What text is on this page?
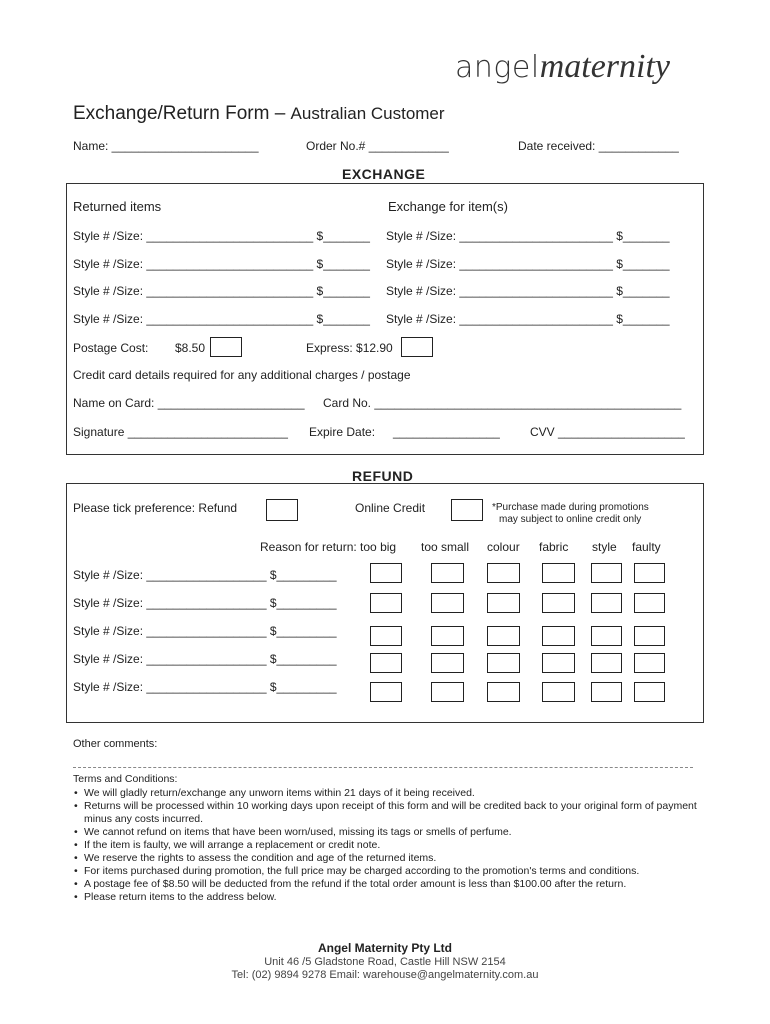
angelmaternity
Exchange/Return Form – Australian Customer
Name: ______________________	Order No.# ____________	Date received: ____________
EXCHANGE
Returned items	Exchange for item(s)
Style # /Size: _________________________ $_______ Style # /Size: _______________________ $_______
Style # /Size: _________________________ $_______ Style # /Size: _______________________ $_______
Style # /Size: _________________________ $_______ Style # /Size: _______________________ $_______
Style # /Size: _________________________ $_______ Style # /Size: _______________________ $_______
Postage Cost: $8.50	Express: $12.90
Credit card details required for any additional charges / postage
Name on Card: ______________________ Card No. ______________________________________________
Signature ________________________ Expire Date: ________________	CVV ___________________
REFUND
Please tick preference: Refund	Online Credit	*Purchase made during promotions
may subject to online credit only
Reason for return: too big too small colour fabric style faulty
Style # /Size: __________________ $_________
Style # /Size: __________________ $_________
Style # /Size: __________________ $_________
Style # /Size: __________________ $_________
Style # /Size: __________________ $_________
Other comments:
Terms and Conditions:
• We will gladly return/exchange any unworn items within 21 days of it being received.
• Returns will be processed within 10 working days upon receipt of this form and will be credited back to your original form of payment minus any costs incurred.
• We cannot refund on items that have been worn/used, missing its tags or smells of perfume.
• If the item is faulty, we will arrange a replacement or credit note.
• We reserve the rights to assess the condition and age of the returned items.
• For items purchased during promotion, the full price may be charged according to the promotion's terms and conditions.
• A postage fee of $8.50 will be deducted from the refund if the total order amount is less than $100.00 after the return.
• Please return items to the address below.
Angel Maternity Pty Ltd
Unit 46 /5 Gladstone Road, Castle Hill NSW 2154
Tel: (02) 9894 9278 Email: warehouse@angelmaternity.com.au
